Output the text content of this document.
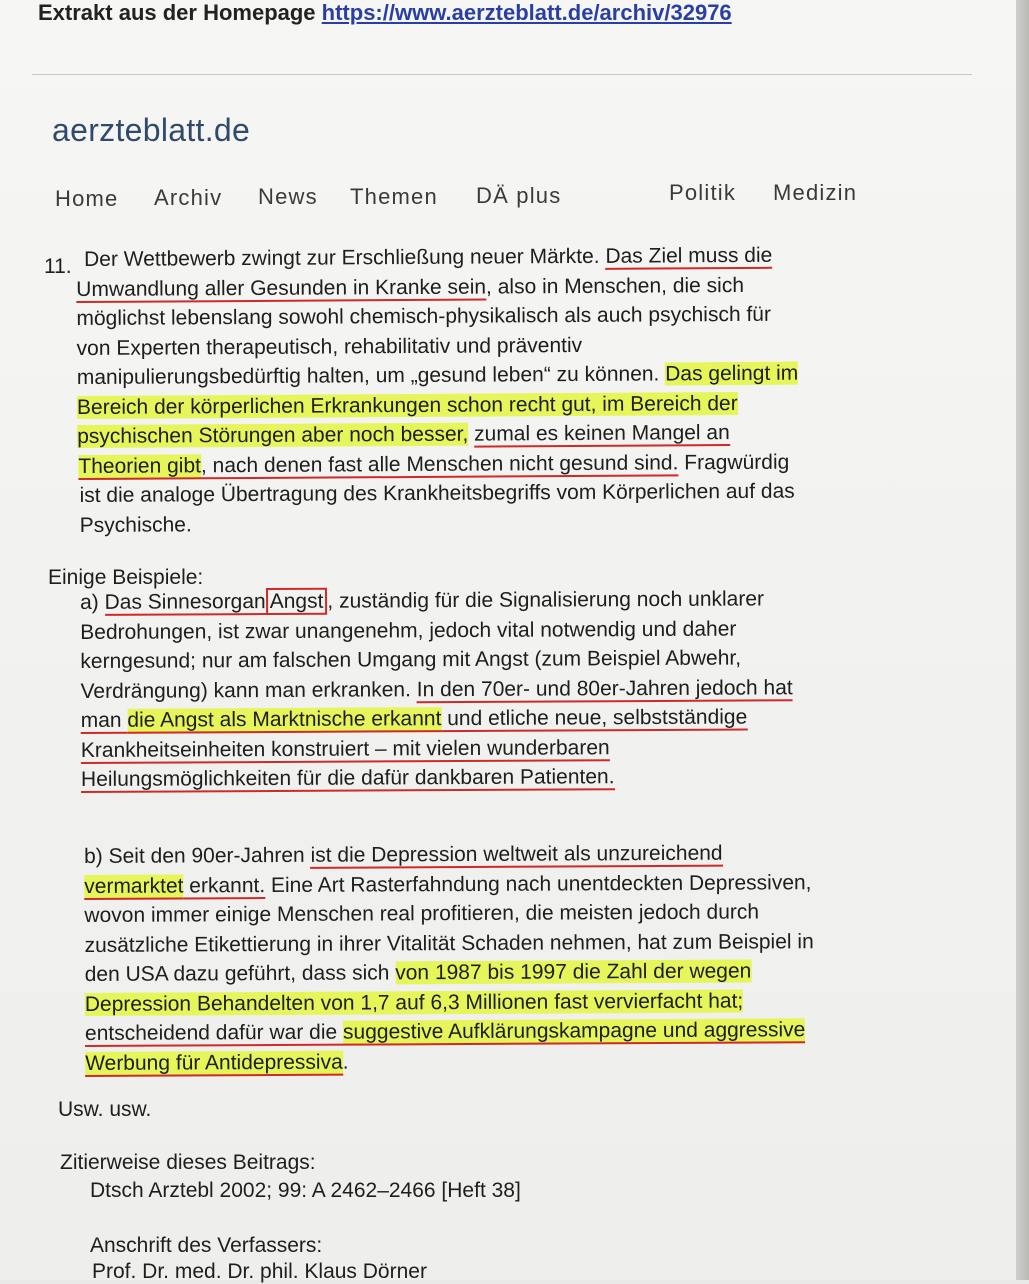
Extrakt aus der Homepage https://www.aerzteblatt.de/archiv/32976
aerzteblatt.de
Home Archiv News Themen DÄ plus	Politik Medizin
11. Der Wettbewerb zwingt zur Erschließung neuer Märkte. Das Ziel muss die
Umwandlung aller Gesunden in Kranke sein, also in Menschen, die sich
möglichst lebenslang sowohl chemisch-physikalisch als auch psychisch für
von Experten therapeutisch, rehabilitativ und präventiv
manipulierungsbedürftig halten, um „gesund leben“ zu können. Das gelingt im
Bereich der körperlichen Erkrankungen schon recht gut, im Bereich der
psychischen Störungen aber noch besser, zumal es keinen Mangel an
Theorien gibt, nach denen fast alle Menschen nicht gesund sind. Fragwürdig
ist die analoge Übertragung des Krankheitsbegriffs vom Körperlichen auf das
Psychische.
Einige Beispiele:
a) Das Sinnesorgan Angst , zuständig für die Signalisierung noch unklarer
Bedrohungen, ist zwar unangenehm, jedoch vital notwendig und daher
kerngesund; nur am falschen Umgang mit Angst (zum Beispiel Abwehr,
Verdrängung) kann man erkranken. In den 70er- und 80er-Jahren jedoch hat
man die Angst als Marktnische erkannt und etliche neue, selbstständige
Krankheitseinheiten konstruiert – mit vielen wunderbaren
Heilungsmöglichkeiten für die dafür dankbaren Patienten.
b) Seit den 90er-Jahren ist die Depression weltweit als unzureichend
vermarktet erkannt. Eine Art Rasterfahndung nach unentdeckten Depressiven,
wovon immer einige Menschen real profitieren, die meisten jedoch durch
zusätzliche Etikettierung in ihrer Vitalität Schaden nehmen, hat zum Beispiel in
den USA dazu geführt, dass sich von 1987 bis 1997 die Zahl der wegen
Depression Behandelten von 1,7 auf 6,3 Millionen fast vervierfacht hat;
entscheidend dafür war die suggestive Aufklärungskampagne und aggressive
Werbung für Antidepressiva.
Usw. usw.
Zitierweise dieses Beitrags:
Dtsch Arztebl 2002; 99: A 2462–2466 [Heft 38]
Anschrift des Verfassers:
Prof. Dr. med. Dr. phil. Klaus Dörner
